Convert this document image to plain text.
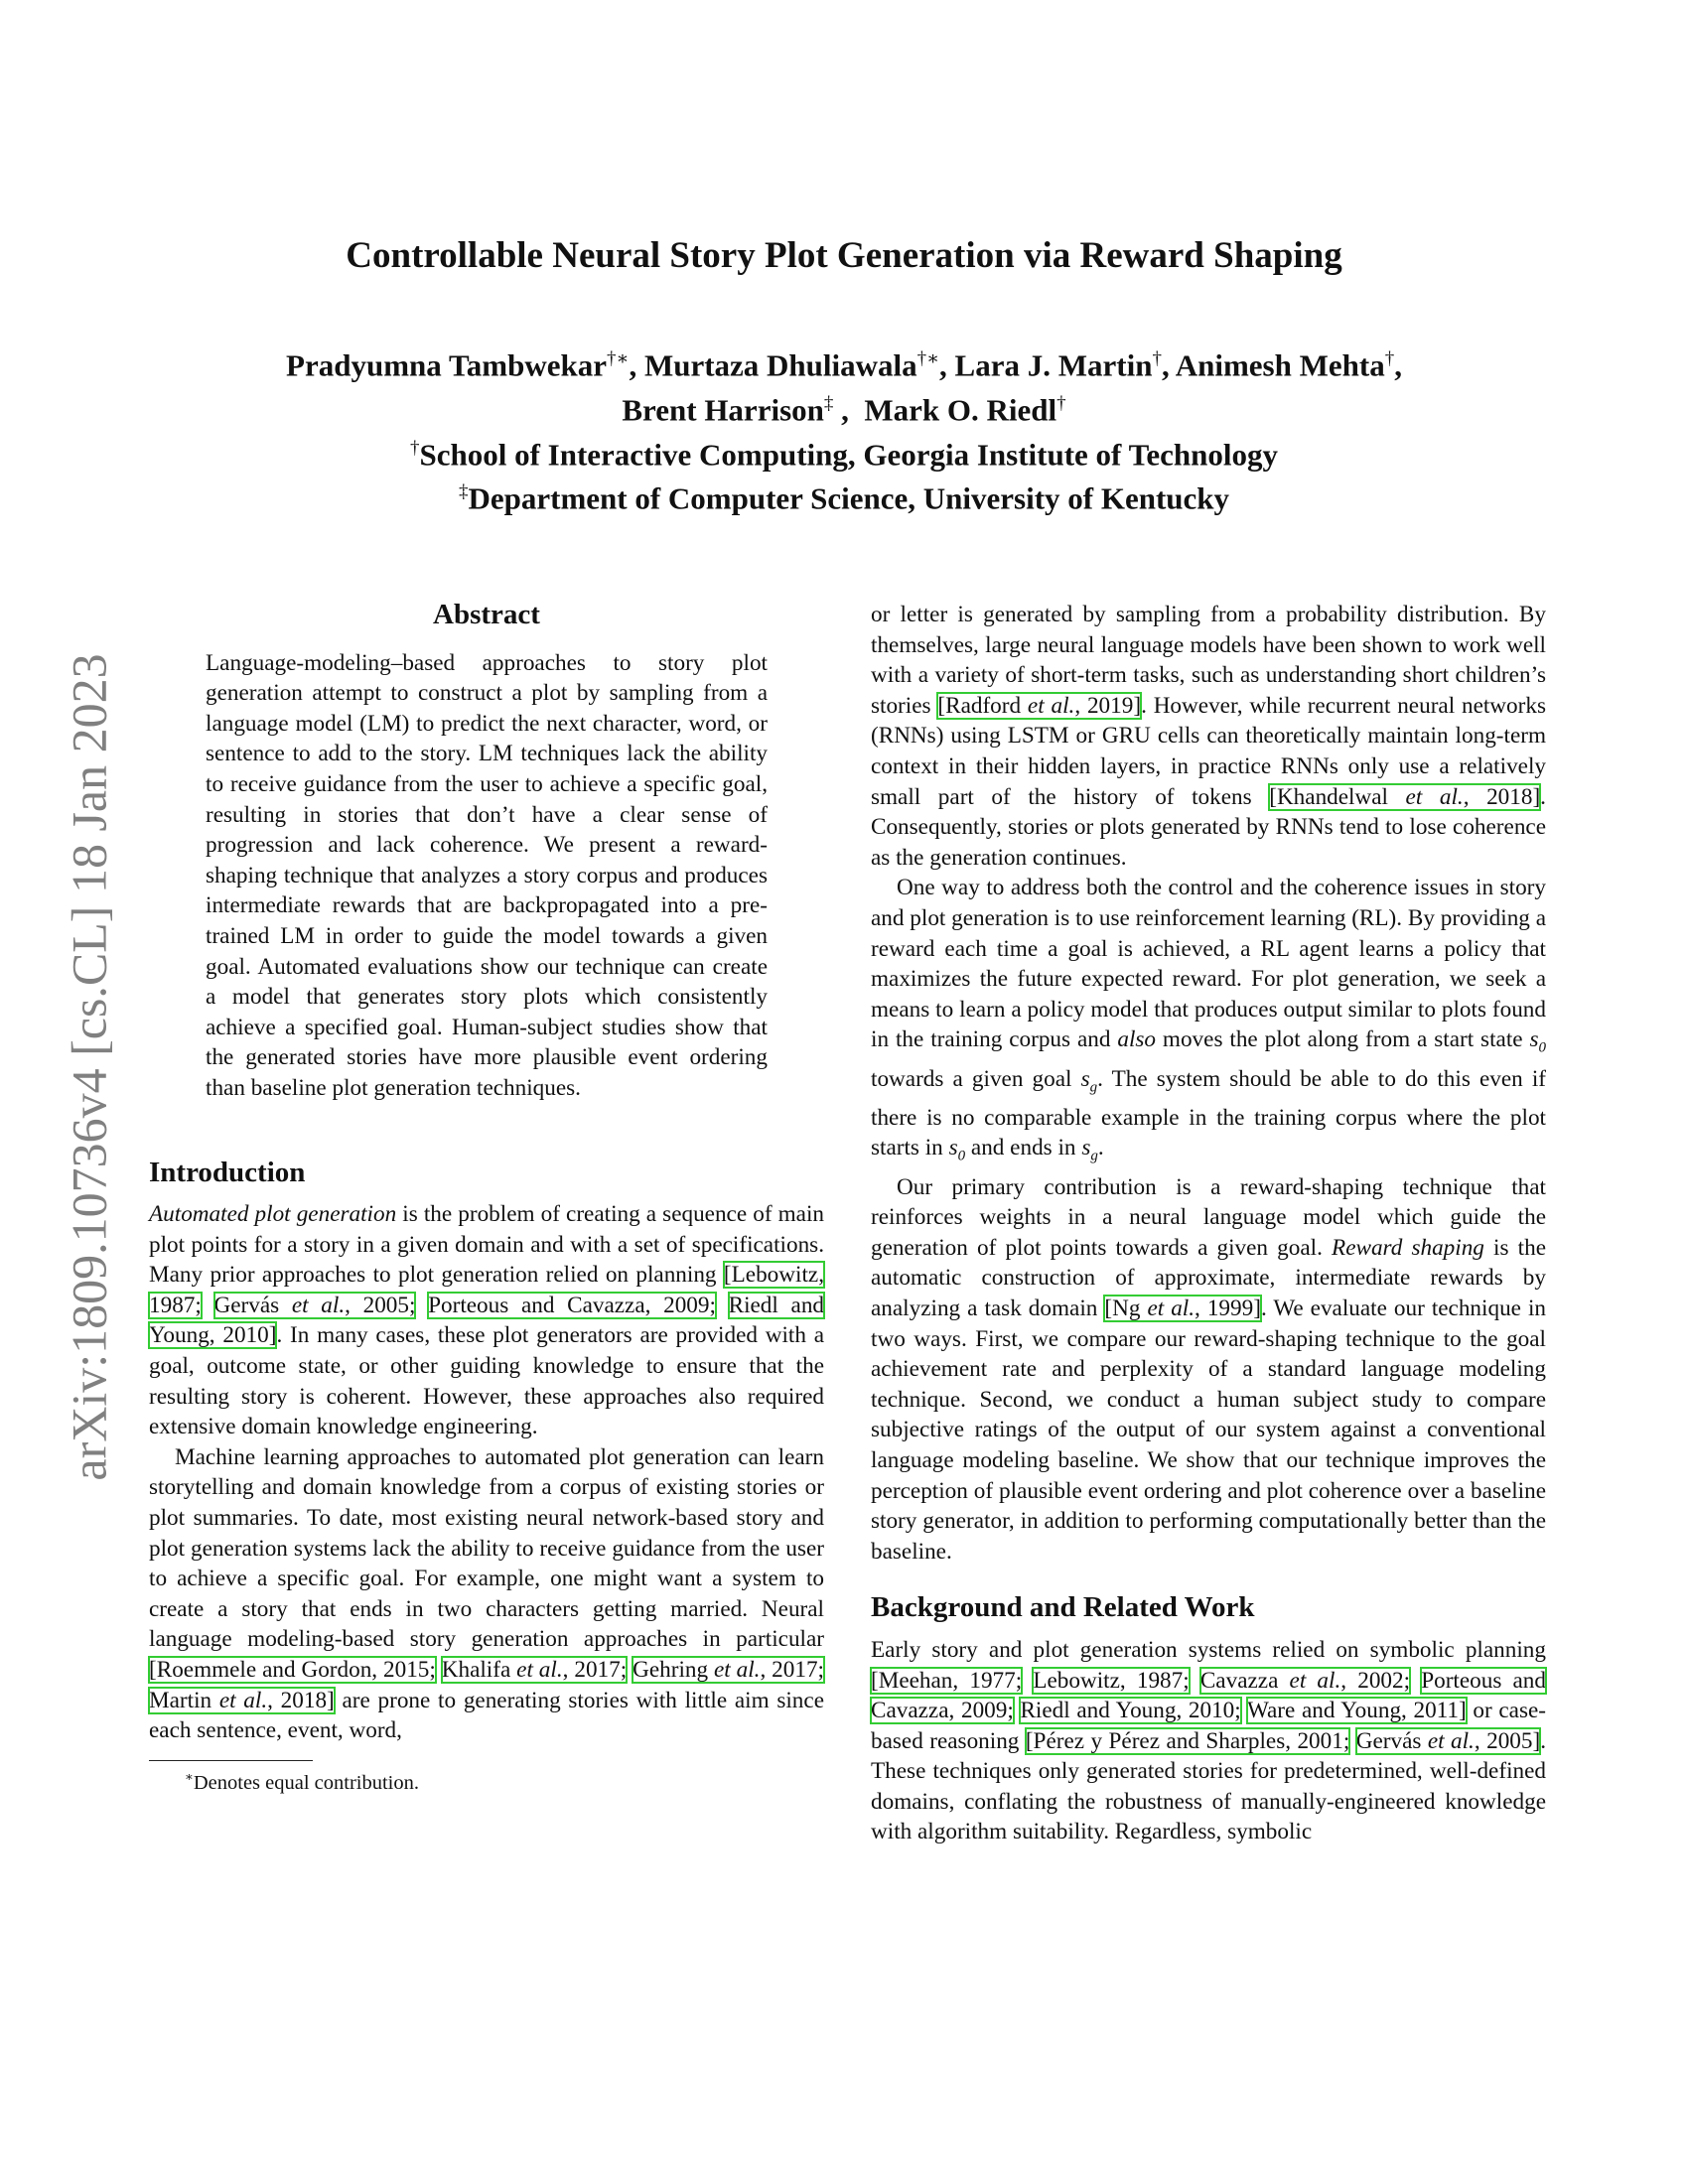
arXiv:1809.10736v4 [cs.CL] 18 Jan 2023
Controllable Neural Story Plot Generation via Reward Shaping
Pradyumna Tambwekar†∗, Murtaza Dhuliawala†∗, Lara J. Martin†, Animesh Mehta†,
Brent Harrison‡ ,  Mark O. Riedl†
†School of Interactive Computing, Georgia Institute of Technology
‡Department of Computer Science, University of Kentucky
Abstract

Language-modeling–based approaches to story plot generation attempt to construct a plot by sampling from a language model (LM) to predict the next character, word, or sentence to add to the story. LM techniques lack the ability to receive guidance from the user to achieve a specific goal, resulting in stories that don’t have a clear sense of progression and lack coherence. We present a reward-shaping technique that analyzes a story corpus and produces intermediate rewards that are backpropagated into a pre-trained LM in order to guide the model towards a given goal. Automated evaluations show our technique can create a model that generates story plots which consistently achieve a specified goal. Human-subject studies show that the generated stories have more plausible event ordering than baseline plot generation techniques.

Introduction

Automated plot generation is the problem of creating a sequence of main plot points for a story in a given domain and with a set of specifications. Many prior approaches to plot generation relied on planning [Lebowitz, 1987; Gervás et al., 2005; Porteous and Cavazza, 2009; Riedl and Young, 2010]. In many cases, these plot generators are provided with a goal, outcome state, or other guiding knowledge to ensure that the resulting story is coherent. However, these approaches also required extensive domain knowledge engineering.

Machine learning approaches to automated plot generation can learn storytelling and domain knowledge from a corpus of existing stories or plot summaries. To date, most existing neural network-based story and plot generation systems lack the ability to receive guidance from the user to achieve a specific goal. For example, one might want a system to create a story that ends in two characters getting married. Neural language modeling-based story generation approaches in particular [Roemmele and Gordon, 2015; Khalifa et al., 2017; Gehring et al., 2017; Martin et al., 2018] are prone to generating stories with little aim since each sentence, event, word,

∗Denotes equal contribution.

or letter is generated by sampling from a probability distribution. By themselves, large neural language models have been shown to work well with a variety of short-term tasks, such as understanding short children’s stories [Radford et al., 2019]. However, while recurrent neural networks (RNNs) using LSTM or GRU cells can theoretically maintain long-term context in their hidden layers, in practice RNNs only use a relatively small part of the history of tokens [Khandelwal et al., 2018]. Consequently, stories or plots generated by RNNs tend to lose coherence as the generation continues.

One way to address both the control and the coherence issues in story and plot generation is to use reinforcement learning (RL). By providing a reward each time a goal is achieved, a RL agent learns a policy that maximizes the future expected reward. For plot generation, we seek a means to learn a policy model that produces output similar to plots found in the training corpus and also moves the plot along from a start state $s_0$ towards a given goal $s_g$. The system should be able to do this even if there is no comparable example in the training corpus where the plot starts in $s_0$ and ends in $s_g$.

Our primary contribution is a reward-shaping technique that reinforces weights in a neural language model which guide the generation of plot points towards a given goal. Reward shaping is the automatic construction of approximate, intermediate rewards by analyzing a task domain [Ng et al., 1999]. We evaluate our technique in two ways. First, we compare our reward-shaping technique to the goal achievement rate and perplexity of a standard language modeling technique. Second, we conduct a human subject study to compare subjective ratings of the output of our system against a conventional language modeling baseline. We show that our technique improves the perception of plausible event ordering and plot coherence over a baseline story generator, in addition to performing computationally better than the baseline.

Background and Related Work

Early story and plot generation systems relied on symbolic planning [Meehan, 1977; Lebowitz, 1987; Cavazza et al., 2002; Porteous and Cavazza, 2009; Riedl and Young, 2010; Ware and Young, 2011] or case-based reasoning [Pérez y Pérez and Sharples, 2001; Gervás et al., 2005]. These techniques only generated stories for predetermined, well-defined domains, conflating the robustness of manually-engineered knowledge with algorithm suitability. Regardless, symbolic
